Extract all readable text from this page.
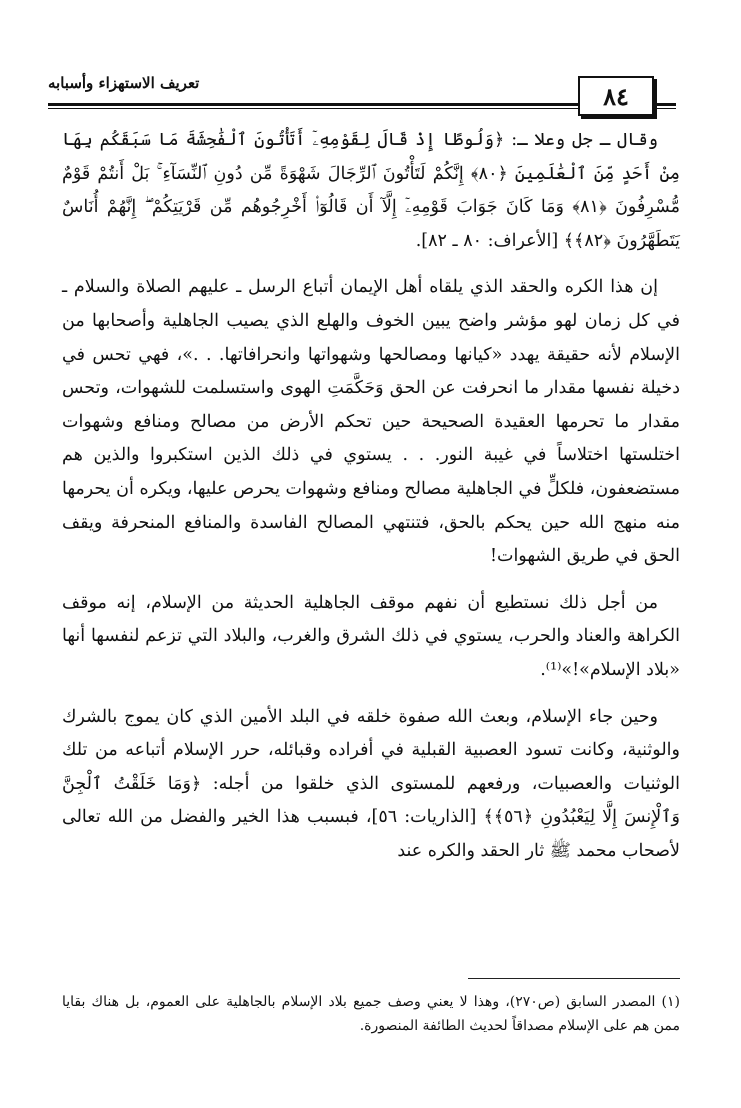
تعريف الاستهزاء وأسبابه	٨٤

وقال ـ جل وعلا ـ: ﴿وَلُوطًا إِذْ قَالَ لِقَوْمِهِۦٓ أَتَأْتُونَ ٱلْفَٰحِشَةَ مَا سَبَقَكُم بِهَا مِنْ أَحَدٍ مِّنَ ٱلْعَٰلَمِينَ ﴿٨٠﴾ إِنَّكُمْ لَتَأْتُونَ ٱلرِّجَالَ شَهْوَةً مِّن دُونِ ٱلنِّسَآءِ ۚ بَلْ أَنتُمْ قَوْمٌ مُّسْرِفُونَ ﴿٨١﴾ وَمَا كَانَ جَوَابَ قَوْمِهِۦٓ إِلَّآ أَن قَالُوٓا۟ أَخْرِجُوهُم مِّن قَرْيَتِكُمْ ۖ إِنَّهُمْ أُنَاسٌ يَتَطَهَّرُونَ ﴿٨٢﴾﴾ [الأعراف: ٨٠ ـ ٨٢].

إن هذا الكره والحقد الذي يلقاه أهل الإيمان أتباع الرسل ـ عليهم الصلاة والسلام ـ في كل زمان لهو مؤشر واضح يبين الخوف والهلع الذي يصيب الجاهلية وأصحابها من الإسلام لأنه حقيقة يهدد «كيانها ومصالحها وشهواتها وانحرافاتها. . .»، فهي تحس في دخيلة نفسها مقدار ما انحرفت عن الحق وَحَكَّمَتِ الهوى واستسلمت للشهوات، وتحس مقدار ما تحرمها العقيدة الصحيحة حين تحكم الأرض من مصالح ومنافع وشهوات اختلستها اختلاساً في غيبة النور. . . يستوي في ذلك الذين استكبروا والذين هم مستضعفون، فلكلٍّ في الجاهلية مصالح ومنافع وشهوات يحرص عليها، ويكره أن يحرمها منه منهج الله حين يحكم بالحق، فتنتهي المصالح الفاسدة والمنافع المنحرفة ويقف الحق في طريق الشهوات!

من أجل ذلك نستطيع أن نفهم موقف الجاهلية الحديثة من الإسلام، إنه موقف الكراهة والعناد والحرب، يستوي في ذلك الشرق والغرب، والبلاد التي تزعم لنفسها أنها «بلاد الإسلام»!»⁽¹⁾.

وحين جاء الإسلام، وبعث الله صفوة خلقه في البلد الأمين الذي كان يموج بالشرك والوثنية، وكانت تسود العصبية القبلية في أفراده وقبائله، حرر الإسلام أتباعه من تلك الوثنيات والعصبيات، ورفعهم للمستوى الذي خلقوا من أجله: ﴿وَمَا خَلَقْتُ ٱلْجِنَّ وَٱلْإِنسَ إِلَّا لِيَعْبُدُونِ ﴿٥٦﴾﴾ [الذاريات: ٥٦]، فبسبب هذا الخير والفضل من الله تعالى لأصحاب محمد ﷺ ثار الحقد والكره عند

(١) المصدر السابق (ص٢٧٠)، وهذا لا يعني وصف جميع بلاد الإسلام بالجاهلية على العموم، بل هناك بقايا ممن هم على الإسلام مصداقاً لحديث الطائفة المنصورة.
